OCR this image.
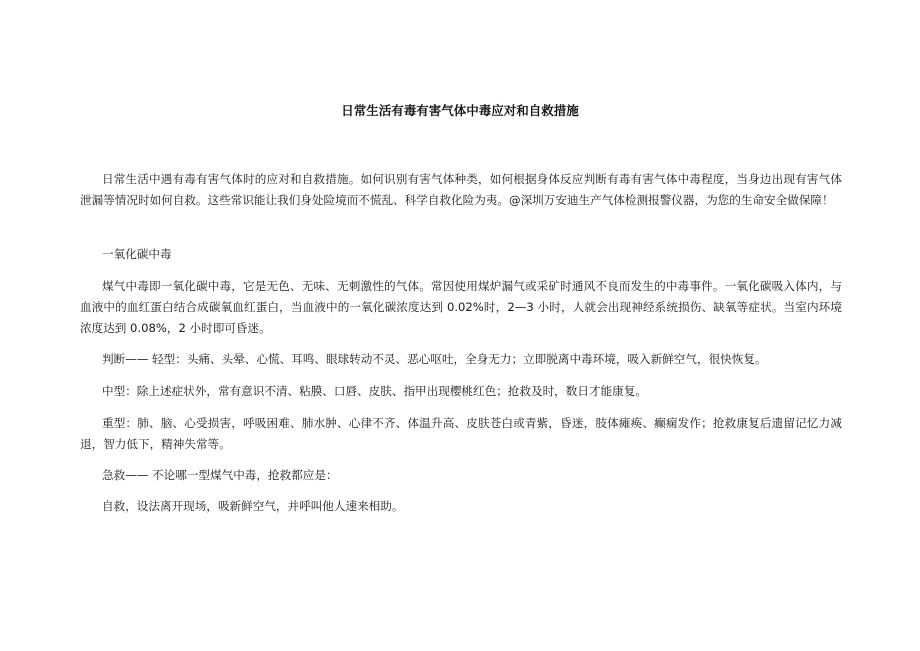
日常生活有毒有害气体中毒应对和自救措施

日常生活中遇有毒有害气体时的应对和自救措施。如何识别有害气体种类，如何根据身体反应判断有毒有害气体中毒程度，当身边出现有害气体泄漏等情况时如何自救。这些常识能让我们身处险境而不慌乱、科学自救化险为夷。@深圳万安迪生产气体检测报警仪器，为您的生命安全做保障！

一氧化碳中毒

煤气中毒即一氧化碳中毒，它是无色、无味、无刺激性的气体。常因使用煤炉漏气或采矿时通风不良而发生的中毒事件。一氧化碳吸入体内，与血液中的血红蛋白结合成碳氧血红蛋白，当血液中的一氧化碳浓度达到 0.02%时，2—3 小时，人就会出现神经系统损伤、缺氧等症状。当室内环境浓度达到 0.08%，2 小时即可昏迷。

判断—— 轻型：头痛、头晕、心慌、耳鸣、眼球转动不灵、恶心呕吐，全身无力；立即脱离中毒环境，吸入新鲜空气，很快恢复。

中型：除上述症状外，常有意识不清、粘膜、口唇、皮肤、指甲出现樱桃红色；抢救及时，数日才能康复。

重型：肺、脑、心受损害，呼吸困难、肺水肿、心律不齐、体温升高、皮肤苍白或青紫，昏迷，肢体瘫痪、癫痫发作；抢救康复后遗留记忆力减退，智力低下，精神失常等。

急救—— 不论哪一型煤气中毒，抢救都应是：

自救，设法离开现场，吸新鲜空气，并呼叫他人速来相助。
